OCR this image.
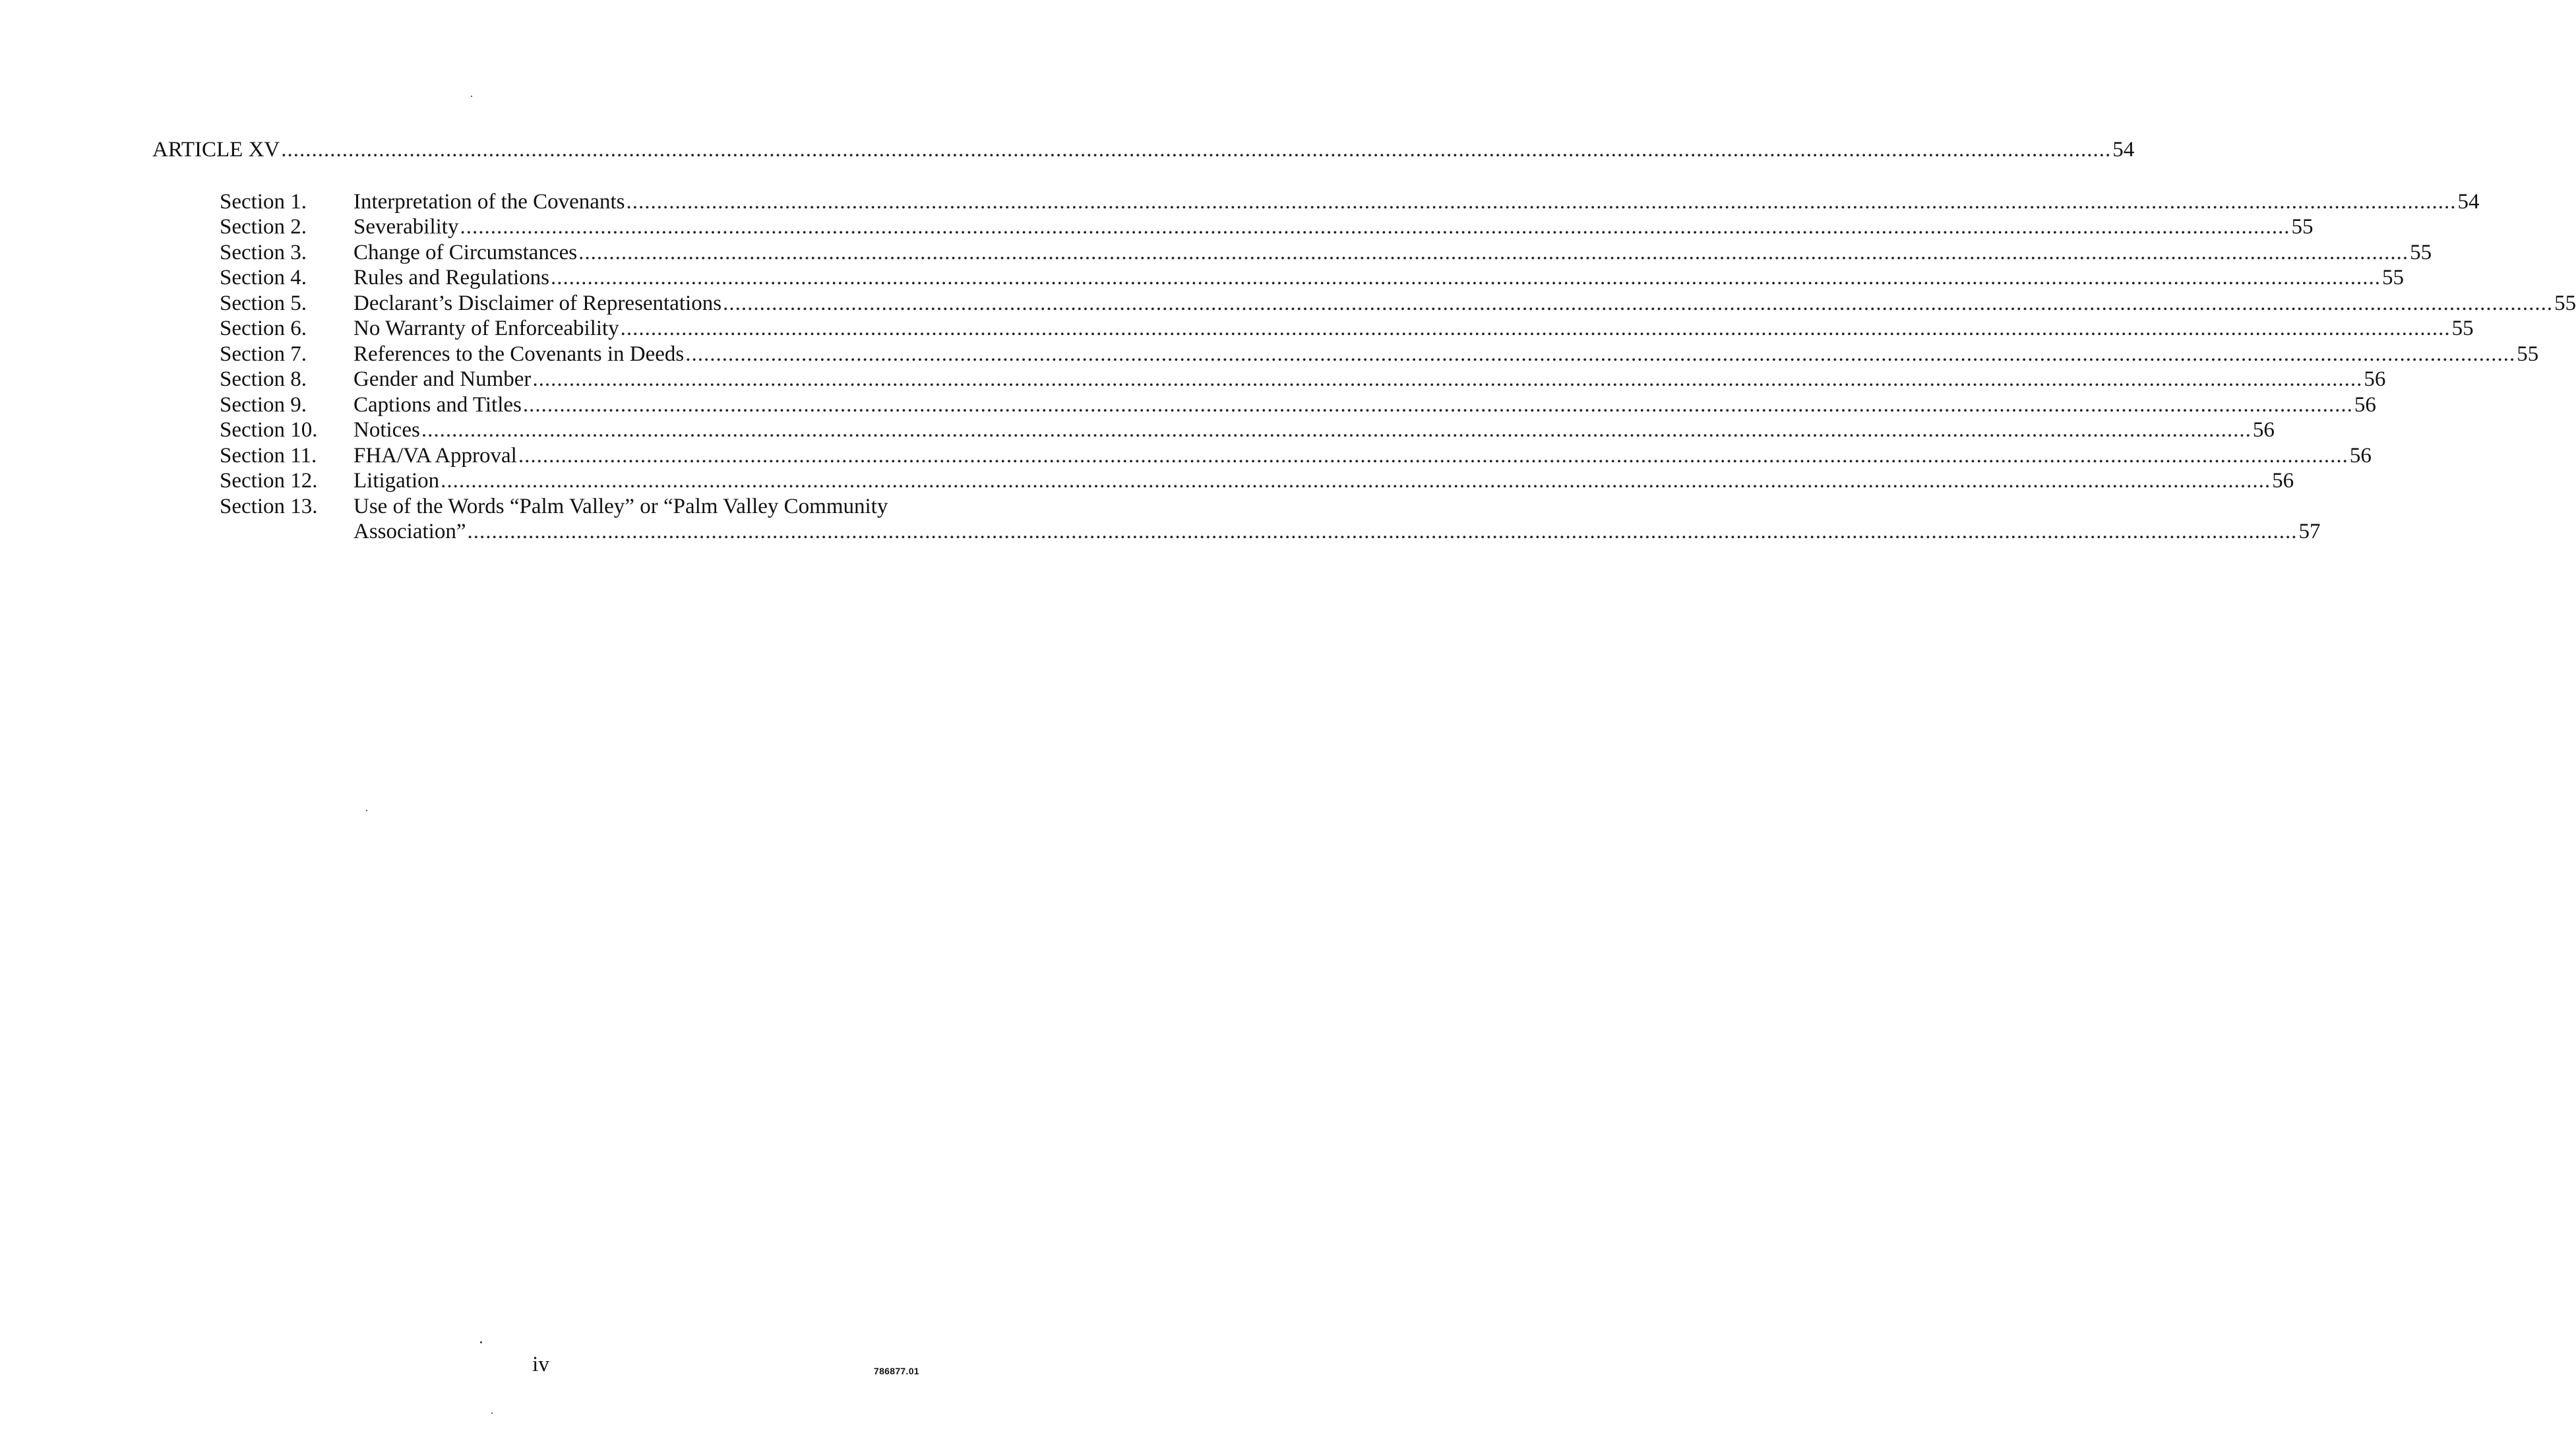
ARTICLE XV ............................................................................................................................................................................................................................................................................................................ 54
Section 1.	Interpretation of the Covenants ............................................................................................................................................................................................................................................................................................................ 54
Section 2.	Severability ............................................................................................................................................................................................................................................................................................................ 55
Section 3.	Change of Circumstances ............................................................................................................................................................................................................................................................................................................ 55
Section 4.	Rules and Regulations ............................................................................................................................................................................................................................................................................................................ 55
Section 5.	Declarant’s Disclaimer of Representations ............................................................................................................................................................................................................................................................................................................ 55
Section 6.	No Warranty of Enforceability ............................................................................................................................................................................................................................................................................................................ 55
Section 7.	References to the Covenants in Deeds ............................................................................................................................................................................................................................................................................................................ 55
Section 8.	Gender and Number ............................................................................................................................................................................................................................................................................................................ 56
Section 9.	Captions and Titles ............................................................................................................................................................................................................................................................................................................ 56
Section 10.	Notices ............................................................................................................................................................................................................................................................................................................ 56
Section 11.	FHA/VA Approval ............................................................................................................................................................................................................................................................................................................ 56
Section 12.	Litigation ............................................................................................................................................................................................................................................................................................................ 56
Section 13.	Use of the Words “Palm Valley” or “Palm Valley Community
Association” ............................................................................................................................................................................................................................................................................................................ 57
iv	786877.01
